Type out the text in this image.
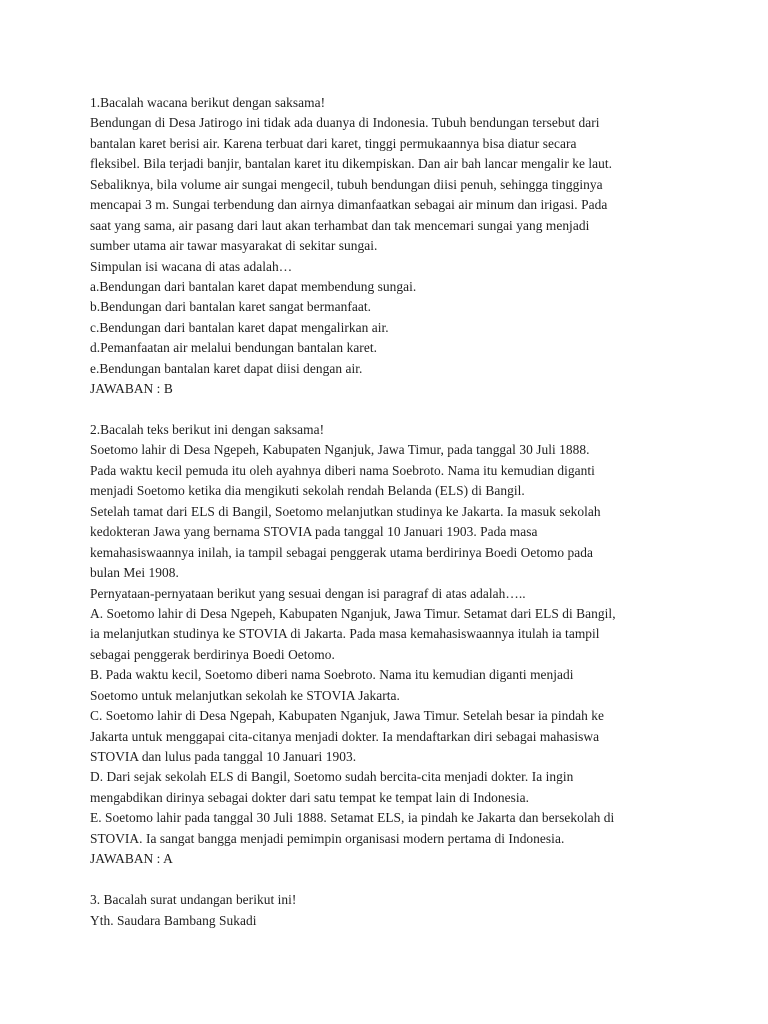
1.Bacalah wacana berikut dengan saksama!
Bendungan di Desa Jatirogo ini tidak ada duanya di Indonesia. Tubuh bendungan tersebut dari
bantalan karet berisi air. Karena terbuat dari karet, tinggi permukaannya bisa diatur secara
fleksibel. Bila terjadi banjir, bantalan karet itu dikempiskan. Dan air bah lancar mengalir ke laut.
Sebaliknya, bila volume air sungai mengecil, tubuh bendungan diisi penuh, sehingga tingginya
mencapai 3 m. Sungai terbendung dan airnya dimanfaatkan sebagai air minum dan irigasi. Pada
saat yang sama, air pasang dari laut akan terhambat dan tak mencemari sungai yang menjadi
sumber utama air tawar masyarakat di sekitar sungai.
Simpulan isi wacana di atas adalah…
a.Bendungan dari bantalan karet dapat membendung sungai.
b.Bendungan dari bantalan karet sangat bermanfaat.
c.Bendungan dari bantalan karet dapat mengalirkan air.
d.Pemanfaatan air melalui bendungan bantalan karet.
e.Bendungan bantalan karet dapat diisi dengan air.
JAWABAN : B
2.Bacalah teks berikut ini dengan saksama!
Soetomo lahir di Desa Ngepeh, Kabupaten Nganjuk, Jawa Timur, pada tanggal 30 Juli 1888.
Pada waktu kecil pemuda itu oleh ayahnya diberi nama Soebroto. Nama itu kemudian diganti
menjadi Soetomo ketika dia mengikuti sekolah rendah Belanda (ELS) di Bangil.
Setelah tamat dari ELS di Bangil, Soetomo melanjutkan studinya ke Jakarta. Ia masuk sekolah
kedokteran Jawa yang bernama STOVIA pada tanggal 10 Januari 1903. Pada masa
kemahasiswaannya inilah, ia tampil sebagai penggerak utama berdirinya Boedi Oetomo pada
bulan Mei 1908.
Pernyataan-pernyataan berikut yang sesuai dengan isi paragraf di atas adalah…..
A. Soetomo lahir di Desa Ngepeh, Kabupaten Nganjuk, Jawa Timur. Setamat dari ELS di Bangil,
ia melanjutkan studinya ke STOVIA di Jakarta. Pada masa kemahasiswaannya itulah ia tampil
sebagai penggerak berdirinya Boedi Oetomo.
B. Pada waktu kecil, Soetomo diberi nama Soebroto. Nama itu kemudian diganti menjadi
Soetomo untuk melanjutkan sekolah ke STOVIA Jakarta.
C. Soetomo lahir di Desa Ngepah, Kabupaten Nganjuk, Jawa Timur. Setelah besar ia pindah ke
Jakarta untuk menggapai cita-citanya menjadi dokter. Ia mendaftarkan diri sebagai mahasiswa
STOVIA dan lulus pada tanggal 10 Januari 1903.
D. Dari sejak sekolah ELS di Bangil, Soetomo sudah bercita-cita menjadi dokter. Ia ingin
mengabdikan dirinya sebagai dokter dari satu tempat ke tempat lain di Indonesia.
E. Soetomo lahir pada tanggal 30 Juli 1888. Setamat ELS, ia pindah ke Jakarta dan bersekolah di
STOVIA. Ia sangat bangga menjadi pemimpin organisasi modern pertama di Indonesia.
JAWABAN : A
3. Bacalah surat undangan berikut ini!
Yth. Saudara Bambang Sukadi
